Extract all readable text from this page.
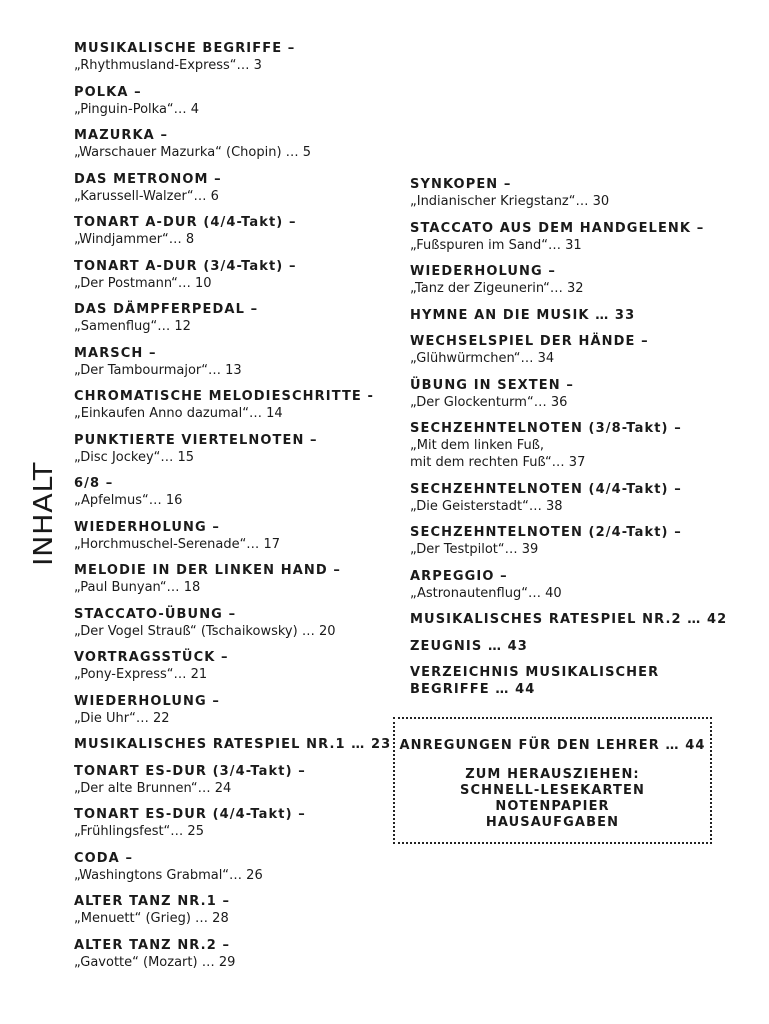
INHALT
MUSIKALISCHE BEGRIFFE –
„Rhythmusland-Express“… 3
POLKA –
„Pinguin-Polka“… 4
MAZURKA –
„Warschauer Mazurka“ (Chopin) … 5
DAS METRONOM –
„Karussell-Walzer“… 6
TONART A-DUR (4/4-Takt) –
„Windjammer“… 8
TONART A-DUR (3/4-Takt) –
„Der Postmann“… 10
DAS DÄMPFERPEDAL –
„Samenflug“… 12
MARSCH –
„Der Tambourmajor“… 13
CHROMATISCHE MELODIESCHRITTE -
„Einkaufen Anno dazumal“… 14
PUNKTIERTE VIERTELNOTEN –
„Disc Jockey“… 15
6/8 –
„Apfelmus“… 16
WIEDERHOLUNG –
„Horchmuschel-Serenade“… 17
MELODIE IN DER LINKEN HAND –
„Paul Bunyan“… 18
STACCATO-ÜBUNG –
„Der Vogel Strauß“ (Tschaikowsky) … 20
VORTRAGSSTÜCK –
„Pony-Express“… 21
WIEDERHOLUNG –
„Die Uhr“… 22
MUSIKALISCHES RATESPIEL NR.1 … 23
TONART ES-DUR (3/4-Takt) –
„Der alte Brunnen“… 24
TONART ES-DUR (4/4-Takt) –
„Frühlingsfest“… 25
CODA –
„Washingtons Grabmal“… 26
ALTER TANZ NR.1 –
„Menuett“ (Grieg) … 28
ALTER TANZ NR.2 –
„Gavotte“ (Mozart) … 29
SYNKOPEN –
„Indianischer Kriegstanz“… 30
STACCATO AUS DEM HANDGELENK –
„Fußspuren im Sand“… 31
WIEDERHOLUNG –
„Tanz der Zigeunerin“… 32
HYMNE AN DIE MUSIK … 33
WECHSELSPIEL DER HÄNDE –
„Glühwürmchen“… 34
ÜBUNG IN SEXTEN –
„Der Glockenturm“… 36
SECHZEHNTELNOTEN (3/8-Takt) –
„Mit dem linken Fuß,
mit dem rechten Fuß“… 37
SECHZEHNTELNOTEN (4/4-Takt) –
„Die Geisterstadt“… 38
SECHZEHNTELNOTEN (2/4-Takt) –
„Der Testpilot“… 39
ARPEGGIO –
„Astronautenflug“… 40
MUSIKALISCHES RATESPIEL NR.2 … 42
ZEUGNIS … 43
VERZEICHNIS MUSIKALISCHER
BEGRIFFE … 44
ANREGUNGEN FÜR DEN LEHRER … 44
ZUM HERAUSZIEHEN:
SCHNELL-LESEKARTEN
NOTENPAPIER
HAUSAUFGABEN
